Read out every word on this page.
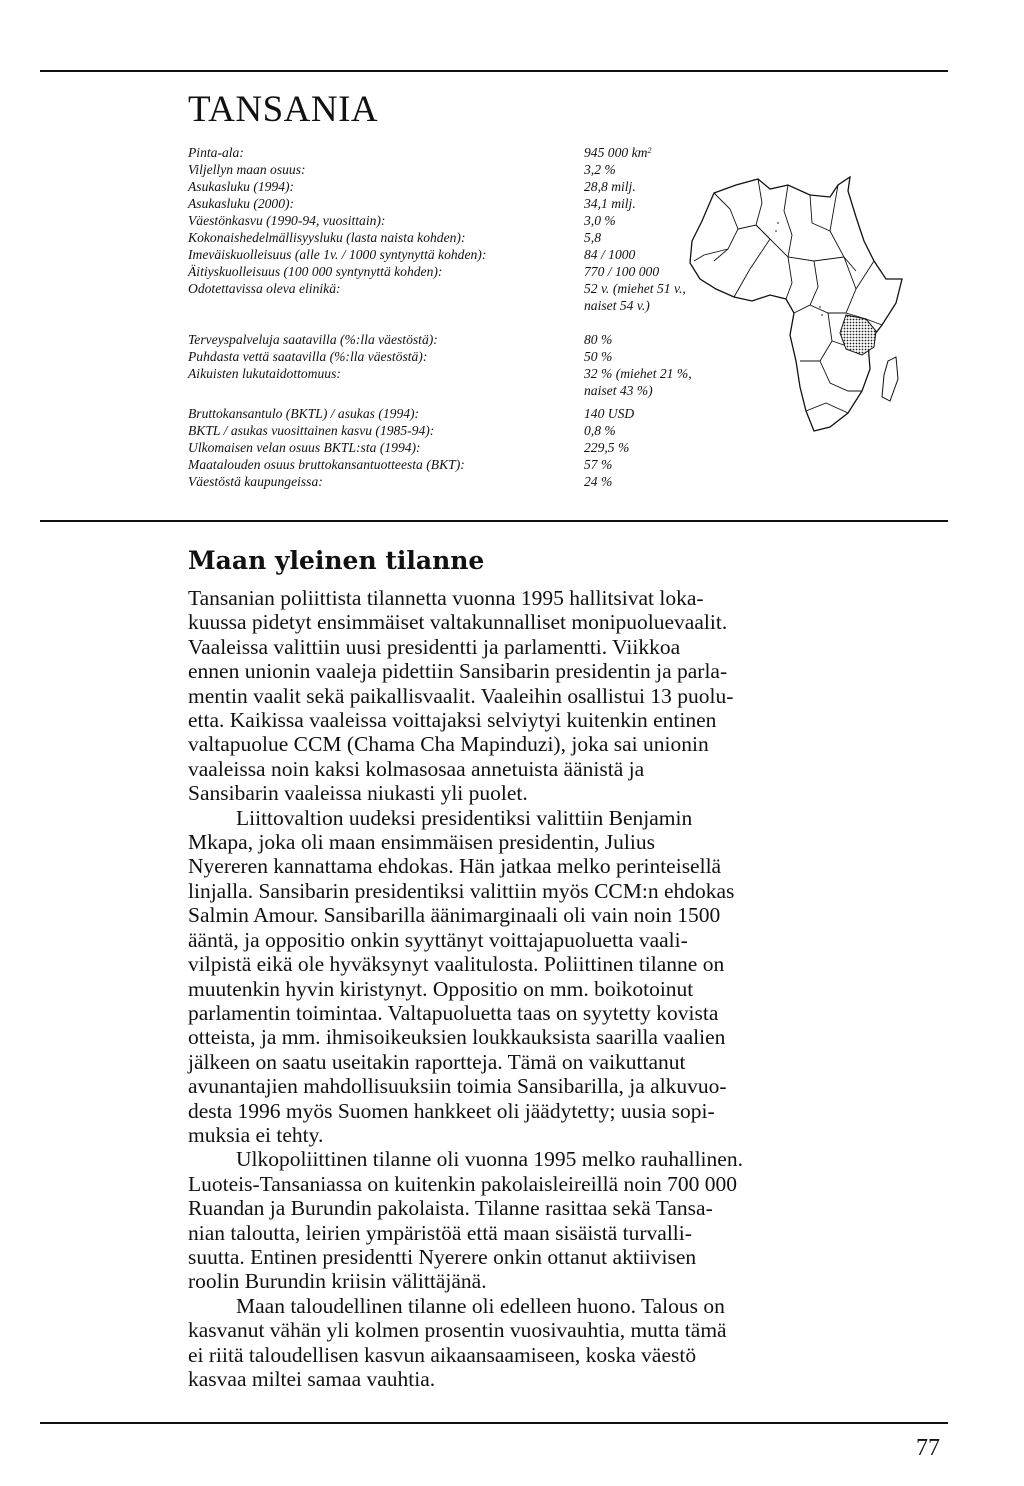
TANSANIA
Pinta-ala:	945 000 $km^2$
Viljellyn maan osuus:	3,2 %
Asukasluku (1994):	28,8 milj.
Asukasluku (2000):	34,1 milj.
Väestönkasvu (1990-94, vuosittain):	3,0 %
Kokonaishedelmällisyysluku (lasta naista kohden):	5,8
Imeväiskuolleisuus (alle 1v. / 1000 syntynyttä kohden):	84 / 1000
Äitiyskuolleisuus (100 000 syntynyttä kohden):	770 / 100 000
Odotettavissa oleva elinikä:	52 v. (miehet 51 v.,
naiset 54 v.)
Terveyspalveluja saatavilla (%:lla väestöstä):	80 %
Puhdasta vettä saatavilla (%:lla väestöstä):	50 %
Aikuisten lukutaidottomuus:	32 % (miehet 21 %,
naiset 43 %)
Bruttokansantulo (BKTL) / asukas (1994):	140 USD
BKTL / asukas vuosittainen kasvu (1985-94):	0,8 %
Ulkomaisen velan osuus BKTL:sta (1994):	229,5 %
Maatalouden osuus bruttokansantuotteesta (BKT):	57 %
Väestöstä kaupungeissa:	24 %
Maan yleinen tilanne
Tansanian poliittista tilannetta vuonna 1995 hallitsivat loka-
kuussa pidetyt ensimmäiset valtakunnalliset monipuoluevaalit.
Vaaleissa valittiin uusi presidentti ja parlamentti. Viikkoa
ennen unionin vaaleja pidettiin Sansibarin presidentin ja parla-
mentin vaalit sekä paikallisvaalit. Vaaleihin osallistui 13 puolu-
etta. Kaikissa vaaleissa voittajaksi selviytyi kuitenkin entinen
valtapuolue CCM (Chama Cha Mapinduzi), joka sai unionin
vaaleissa noin kaksi kolmasosaa annetuista äänistä ja
Sansibarin vaaleissa niukasti yli puolet.
Liittovaltion uudeksi presidentiksi valittiin Benjamin
Mkapa, joka oli maan ensimmäisen presidentin, Julius
Nyereren kannattama ehdokas. Hän jatkaa melko perinteisellä
linjalla. Sansibarin presidentiksi valittiin myös CCM:n ehdokas
Salmin Amour. Sansibarilla äänimarginaali oli vain noin 1500
ääntä, ja oppositio onkin syyttänyt voittajapuoluetta vaali-
vilpistä eikä ole hyväksynyt vaalitulosta. Poliittinen tilanne on
muutenkin hyvin kiristynyt. Oppositio on mm. boikotoinut
parlamentin toimintaa. Valtapuoluetta taas on syytetty kovista
otteista, ja mm. ihmisoikeuksien loukkauksista saarilla vaalien
jälkeen on saatu useitakin raportteja. Tämä on vaikuttanut
avunantajien mahdollisuuksiin toimia Sansibarilla, ja alkuvuo-
desta 1996 myös Suomen hankkeet oli jäädytetty; uusia sopi-
muksia ei tehty.
Ulkopoliittinen tilanne oli vuonna 1995 melko rauhallinen.
Luoteis-Tansaniassa on kuitenkin pakolaisleireillä noin 700 000
Ruandan ja Burundin pakolaista. Tilanne rasittaa sekä Tansa-
nian taloutta, leirien ympäristöä että maan sisäistä turvalli-
suutta. Entinen presidentti Nyerere onkin ottanut aktiivisen
roolin Burundin kriisin välittäjänä.
Maan taloudellinen tilanne oli edelleen huono. Talous on
kasvanut vähän yli kolmen prosentin vuosivauhtia, mutta tämä
ei riitä taloudellisen kasvun aikaansaamiseen, koska väestö
kasvaa miltei samaa vauhtia.
77
